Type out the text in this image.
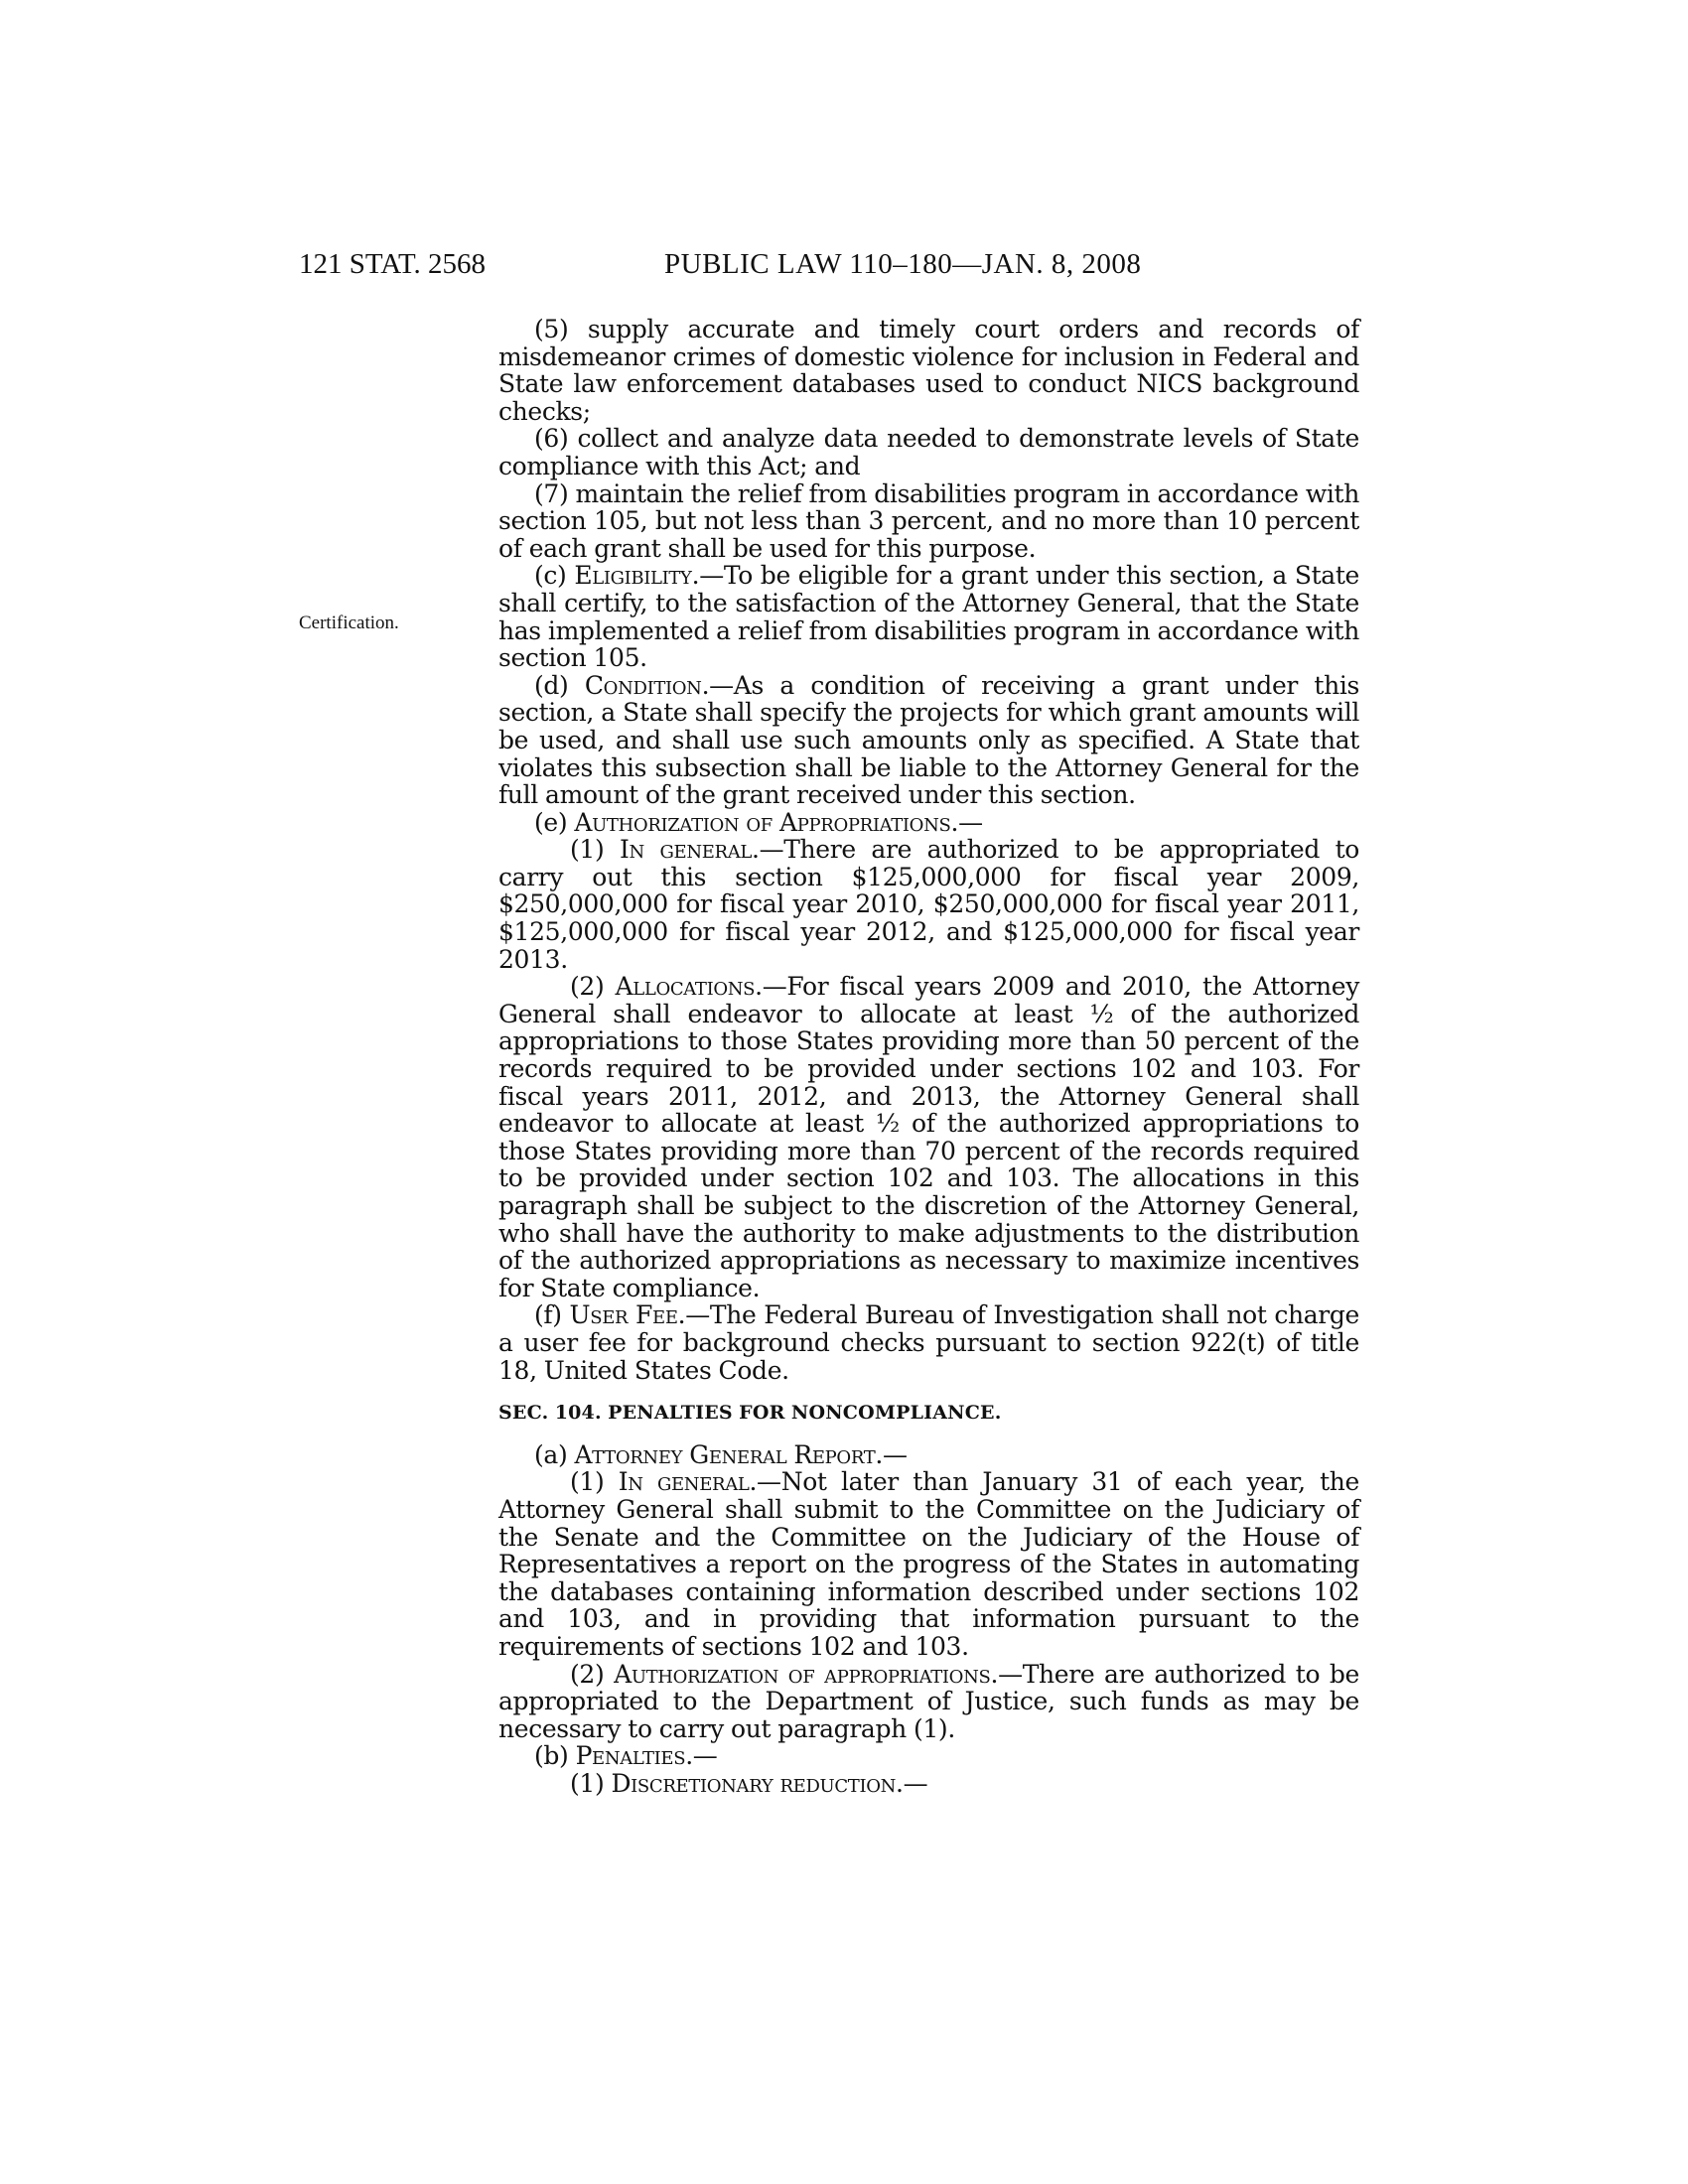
121 STAT. 2568	PUBLIC LAW 110–180—JAN. 8, 2008
Certification.

(5) supply accurate and timely court orders and records of misdemeanor crimes of domestic violence for inclusion in Federal and State law enforcement databases used to conduct NICS background checks;

(6) collect and analyze data needed to demonstrate levels of State compliance with this Act; and

(7) maintain the relief from disabilities program in accordance with section 105, but not less than 3 percent, and no more than 10 percent of each grant shall be used for this purpose.

(c) Eligibility.—To be eligible for a grant under this section, a State shall certify, to the satisfaction of the Attorney General, that the State has implemented a relief from disabilities program in accordance with section 105.

(d) Condition.—As a condition of receiving a grant under this section, a State shall specify the projects for which grant amounts will be used, and shall use such amounts only as specified. A State that violates this subsection shall be liable to the Attorney General for the full amount of the grant received under this section.

(e) Authorization of Appropriations.—

(1) In general.—There are authorized to be appropriated to carry out this section $125,000,000 for fiscal year 2009, $250,000,000 for fiscal year 2010, $250,000,000 for fiscal year 2011, $125,000,000 for fiscal year 2012, and $125,000,000 for fiscal year 2013.

(2) Allocations.—For fiscal years 2009 and 2010, the Attorney General shall endeavor to allocate at least ½ of the authorized appropriations to those States providing more than 50 percent of the records required to be provided under sections 102 and 103. For fiscal years 2011, 2012, and 2013, the Attorney General shall endeavor to allocate at least ½ of the authorized appropriations to those States providing more than 70 percent of the records required to be provided under section 102 and 103. The allocations in this paragraph shall be subject to the discretion of the Attorney General, who shall have the authority to make adjustments to the distribution of the authorized appropriations as necessary to maximize incentives for State compliance.

(f) User Fee.—The Federal Bureau of Investigation shall not charge a user fee for background checks pursuant to section 922(t) of title 18, United States Code.

SEC. 104. PENALTIES FOR NONCOMPLIANCE.

(a) Attorney General Report.—

(1) In general.—Not later than January 31 of each year, the Attorney General shall submit to the Committee on the Judiciary of the Senate and the Committee on the Judiciary of the House of Representatives a report on the progress of the States in automating the databases containing information described under sections 102 and 103, and in providing that information pursuant to the requirements of sections 102 and 103.

(2) Authorization of appropriations.—There are authorized to be appropriated to the Department of Justice, such funds as may be necessary to carry out paragraph (1).

(b) Penalties.—

(1) Discretionary reduction.—
